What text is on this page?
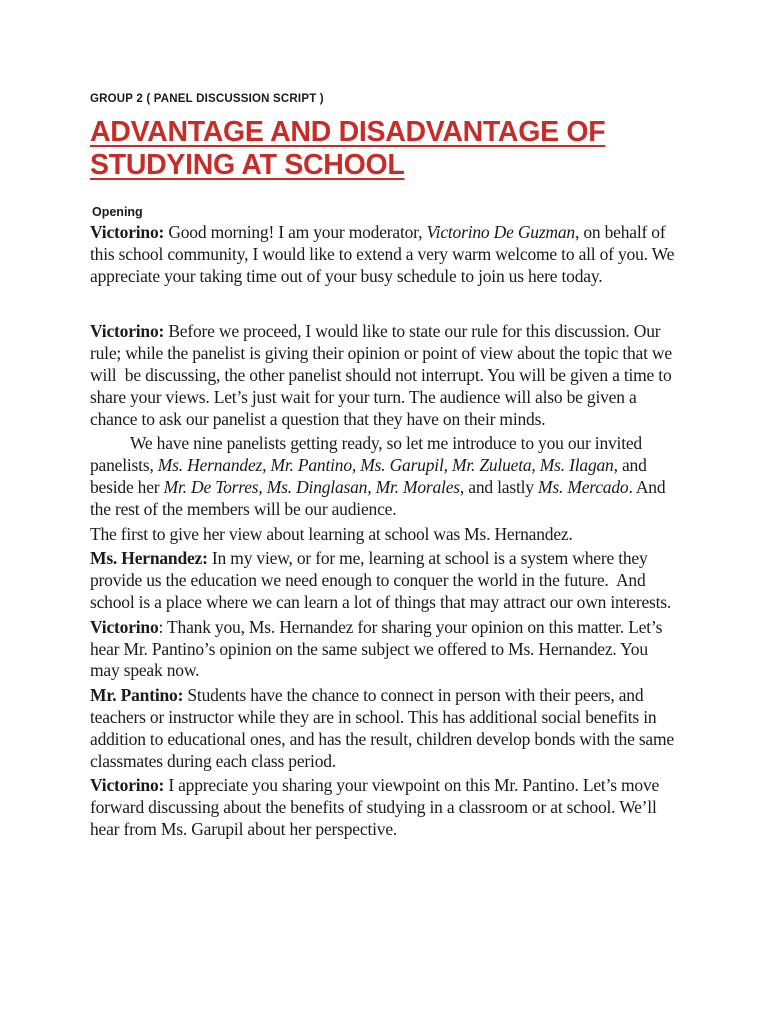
GROUP 2 ( PANEL DISCUSSION SCRIPT )
ADVANTAGE AND DISADVANTAGE OF STUDYING AT SCHOOL
Opening

Victorino: Good morning! I am your moderator, Victorino De Guzman, on behalf of this school community, I would like to extend a very warm welcome to all of you. We appreciate your taking time out of your busy schedule to join us here today.

Victorino: Before we proceed, I would like to state our rule for this discussion. Our rule; while the panelist is giving their opinion or point of view about the topic that we will  be discussing, the other panelist should not interrupt. You will be given a time to share your views. Let’s just wait for your turn. The audience will also be given a chance to ask our panelist a question that they have on their minds.

We have nine panelists getting ready, so let me introduce to you our invited panelists, Ms. Hernandez, Mr. Pantino, Ms. Garupil, Mr. Zulueta, Ms. Ilagan, and beside her Mr. De Torres, Ms. Dinglasan, Mr. Morales, and lastly Ms. Mercado. And the rest of the members will be our audience.

The first to give her view about learning at school was Ms. Hernandez.

Ms. Hernandez: In my view, or for me, learning at school is a system where they provide us the education we need enough to conquer the world in the future.  And school is a place where we can learn a lot of things that may attract our own interests.

Victorino: Thank you, Ms. Hernandez for sharing your opinion on this matter. Let’s hear Mr. Pantino’s opinion on the same subject we offered to Ms. Hernandez. You may speak now.

Mr. Pantino: Students have the chance to connect in person with their peers, and teachers or instructor while they are in school. This has additional social benefits in addition to educational ones, and has the result, children develop bonds with the same classmates during each class period.

Victorino: I appreciate you sharing your viewpoint on this Mr. Pantino. Let’s move forward discussing about the benefits of studying in a classroom or at school. We’ll hear from Ms. Garupil about her perspective.
